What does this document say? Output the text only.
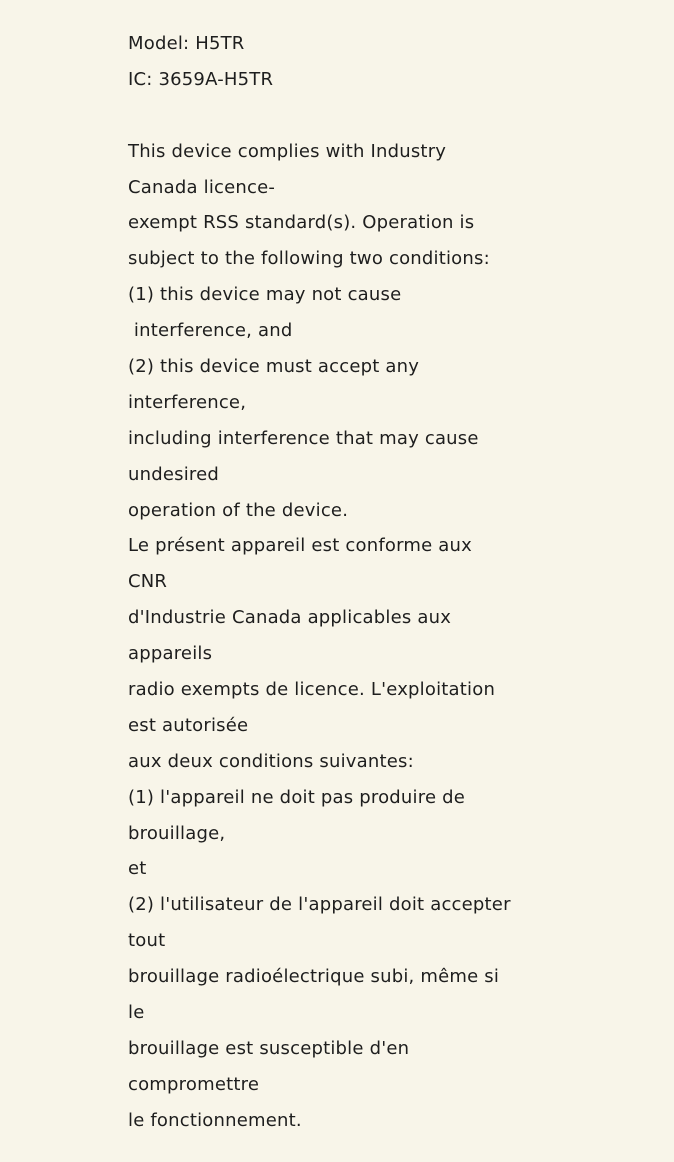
Model: H5TR
IC: 3659A-H5TR
This device complies with Industry
Canada licence-
exempt RSS standard(s). Operation is
subject to the following two conditions:
(1) this device may not cause
interference, and
(2) this device must accept any
interference,
including interference that may cause
undesired
operation of the device.
Le présent appareil est conforme aux
CNR
d'Industrie Canada applicables aux
appareils
radio exempts de licence. L'exploitation
est autorisée
aux deux conditions suivantes:
(1) l'appareil ne doit pas produire de
brouillage,
et
(2) l'utilisateur de l'appareil doit accepter
tout
brouillage radioélectrique subi, même si
le
brouillage est susceptible d'en
compromettre
le fonctionnement.
